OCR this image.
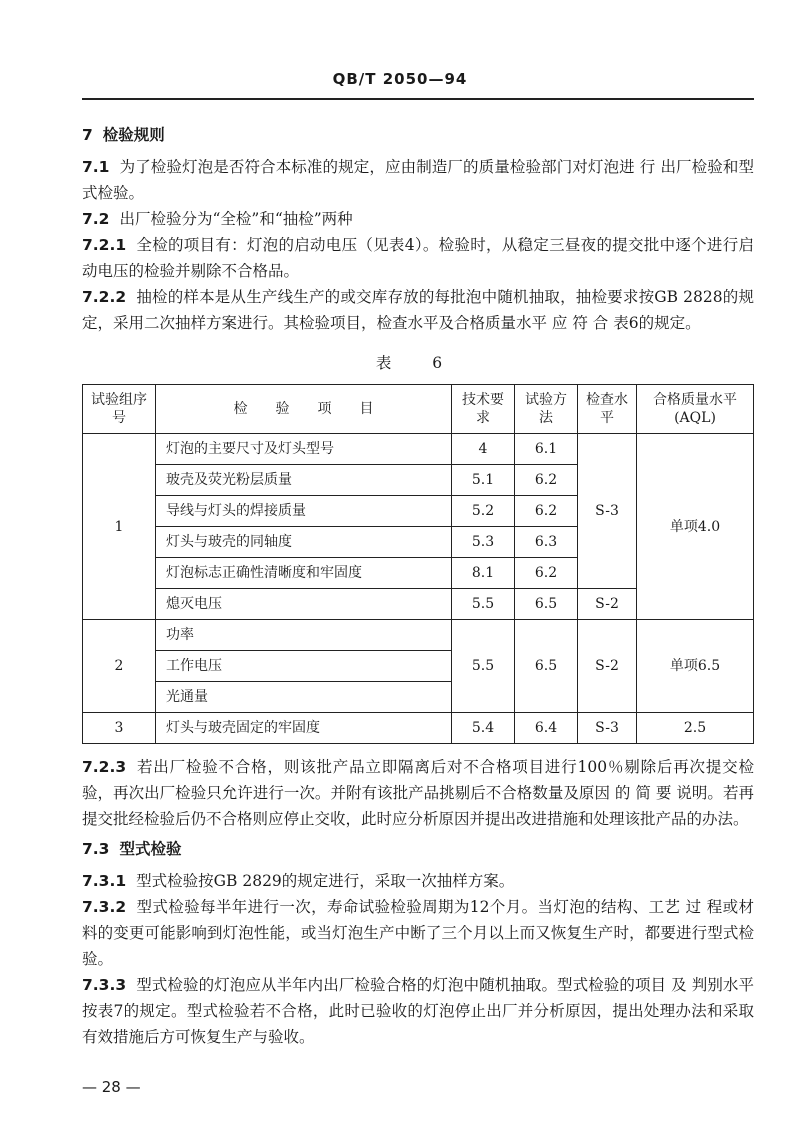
QB/T 2050—94

7 检验规则

7.1 为了检验灯泡是否符合本标准的规定，应由制造厂的质量检验部门对灯泡进 行 出厂检验和型式检验。

7.2 出厂检验分为“全检”和“抽检”两种

7.2.1 全检的项目有：灯泡的启动电压（见表4）。检验时，从稳定三昼夜的提交批中逐个进行启动电压的检验并剔除不合格品。

7.2.2 抽检的样本是从生产线生产的或交库存放的每批泡中随机抽取，抽检要求按GB 2828的规定，采用二次抽样方案进行。其检验项目，检查水平及合格质量水平 应 符 合 表6的规定。

表 6

试验组序号	检　　验　　项　　目	技术要求	试验方法	检查水平	合格质量水平(AQL)
1	灯泡的主要尺寸及灯头型号	4	6.1	S-3	单项4.0
	玻壳及荧光粉层质量	5.1	6.2		
	导线与灯头的焊接质量	5.2	6.2		
	灯头与玻壳的同轴度	5.3	6.3		
	灯泡标志正确性清晰度和牢固度	8.1	6.2		
	熄灭电压	5.5	6.5	S-2	
2	功率	5.5	6.5	S-2	单项6.5
	工作电压				
	光通量				
3	灯头与玻壳固定的牢固度	5.4	6.4	S-3	2.5

7.2.3 若出厂检验不合格，则该批产品立即隔离后对不合格项目进行100％剔除后再次提交检验，再次出厂检验只允许进行一次。并附有该批产品挑剔后不合格数量及原因 的 简 要 说明。若再提交批经检验后仍不合格则应停止交收，此时应分析原因并提出改进措施和处理该批产品的办法。

7.3 型式检验

7.3.1 型式检验按GB 2829的规定进行，采取一次抽样方案。

7.3.2 型式检验每半年进行一次，寿命试验检验周期为12个月。当灯泡的结构、工艺 过 程或材料的变更可能影响到灯泡性能，或当灯泡生产中断了三个月以上而又恢复生产时，都要进行型式检验。

7.3.3 型式检验的灯泡应从半年内出厂检验合格的灯泡中随机抽取。型式检验的项目 及 判别水平按表7的规定。型式检验若不合格，此时已验收的灯泡停止出厂并分析原因，提出处理办法和采取有效措施后方可恢复生产与验收。

— 28 —
